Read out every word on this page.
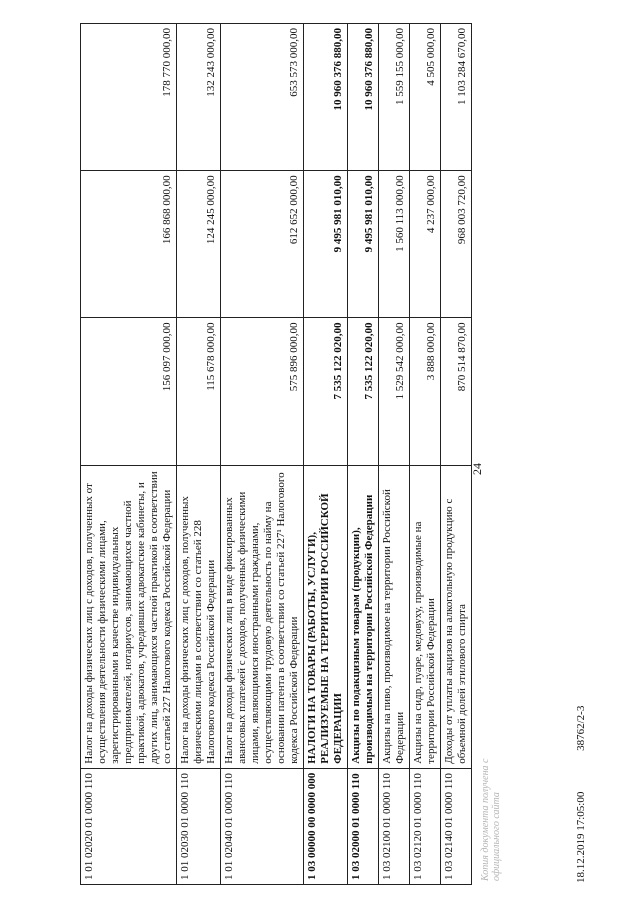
1 01 02020 01 0000 110	Налог на доходы физических лиц с доходов, полученных от осуществления деятельности физическими лицами, зарегистрированными в качестве индивидуальных предпринимателей, нотариусов, занимающихся частной практикой, адвокатов, учредивших адвокатские кабинеты, и других лиц, занимающихся частной практикой в соответствии со статьей 227 Налогового кодекса Российской Федерации	156 097 000,00	166 868 000,00	178 770 000,00
1 01 02030 01 0000 110	Налог на доходы физических лиц с доходов, полученных физическими лицами в соответствии со статьей 228 Налогового кодекса Российской Федерации	115 678 000,00	124 245 000,00	132 243 000,00
1 01 02040 01 0000 110	Налог на доходы физических лиц в виде фиксированных авансовых платежей с доходов, полученных физическими лицами, являющимися иностранными гражданами, осуществляющими трудовую деятельность по найму на основании патента в соответствии со статьей 227¹ Налогового кодекса Российской Федерации	575 896 000,00	612 652 000,00	653 573 000,00
1 03 00000 00 0000 000	НАЛОГИ НА ТОВАРЫ (РАБОТЫ, УСЛУГИ), РЕАЛИЗУЕМЫЕ НА ТЕРРИТОРИИ РОССИЙСКОЙ ФЕДЕРАЦИИ	7 535 122 020,00	9 495 981 010,00	10 960 376 880,00
1 03 02000 01 0000 110	Акцизы по подакцизным товарам (продукции), производимым на территории Российской Федерации	7 535 122 020,00	9 495 981 010,00	10 960 376 880,00
1 03 02100 01 0000 110	Акцизы на пиво, производимое на территории Российской Федерации	1 529 542 000,00	1 560 113 000,00	1 559 155 000,00
1 03 02120 01 0000 110	Акцизы на сидр, пуаре, медовуху, производимые на территории Российской Федерации	3 888 000,00	4 237 000,00	4 505 000,00
1 03 02140 01 0000 110	Доходы от уплаты акцизов на алкогольную продукцию с объемной долей этилового спирта	870 514 870,00	968 003 720,00	1 103 284 670,00
24
Копия документа получена с официального сайта	18.12.2019 17:05:00 38762/2-3
